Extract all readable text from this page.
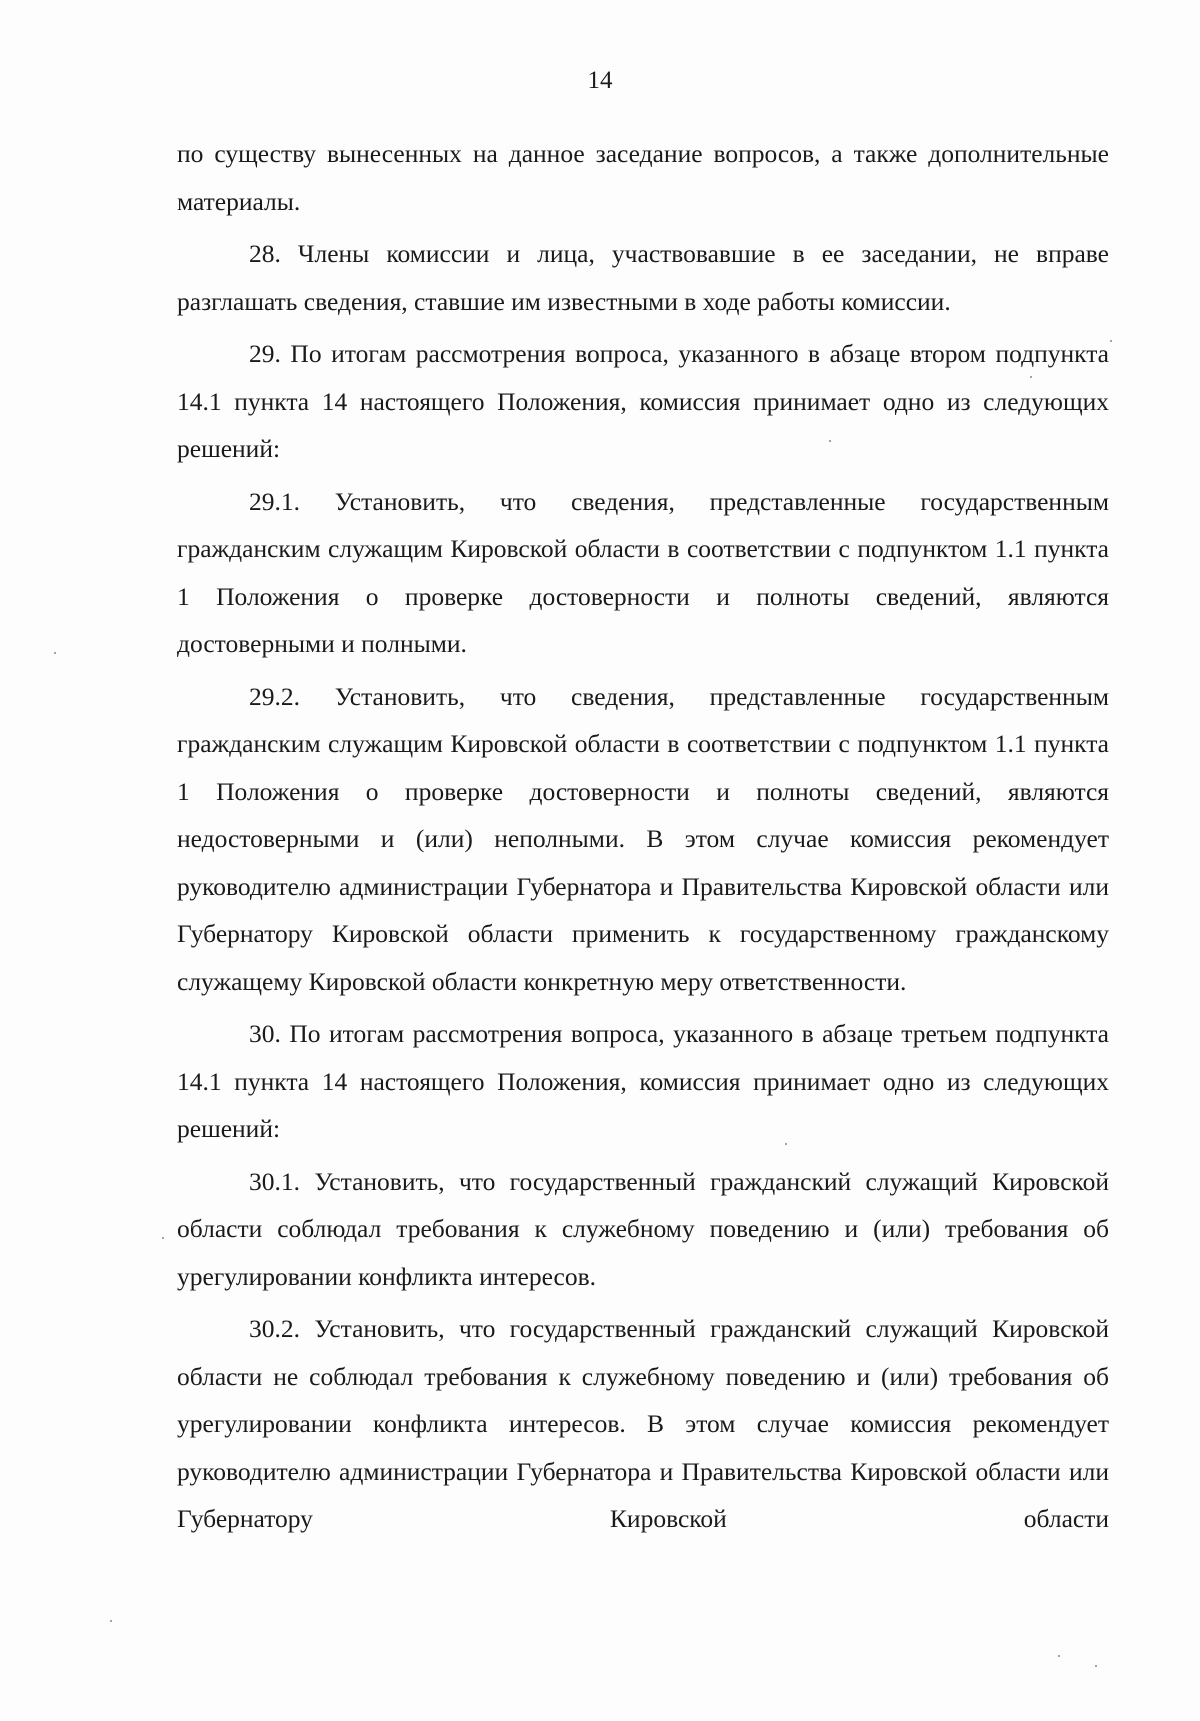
14

по существу вынесенных на данное заседание вопросов, а также дополнительные материалы.

28. Члены комиссии и лица, участвовавшие в ее заседании, не вправе разглашать сведения, ставшие им известными в ходе работы комиссии.

29. По итогам рассмотрения вопроса, указанного в абзаце втором подпункта 14.1 пункта 14 настоящего Положения, комиссия принимает одно из следующих решений:

29.1. Установить, что сведения, представленные государственным гражданским служащим Кировской области в соответствии с подпунктом 1.1 пункта 1 Положения о проверке достоверности и полноты сведений, являются достоверными и полными.

29.2. Установить, что сведения, представленные государственным гражданским служащим Кировской области в соответствии с подпунктом 1.1 пункта 1 Положения о проверке достоверности и полноты сведений, являются недостоверными и (или) неполными. В этом случае комиссия рекомендует руководителю администрации Губернатора и Правительства Кировской области или Губернатору Кировской области применить к государственному гражданскому служащему Кировской области конкретную меру ответственности.

30. По итогам рассмотрения вопроса, указанного в абзаце третьем подпункта 14.1 пункта 14 настоящего Положения, комиссия принимает одно из следующих решений:

30.1. Установить, что государственный гражданский служащий Кировской области соблюдал требования к служебному поведению и (или) требования об урегулировании конфликта интересов.

30.2. Установить, что государственный гражданский служащий Кировской области не соблюдал требования к служебному поведению и (или) требования об урегулировании конфликта интересов. В этом случае комиссия рекомендует руководителю администрации Губернатора и Правительства Кировской области или Губернатору Кировской области
